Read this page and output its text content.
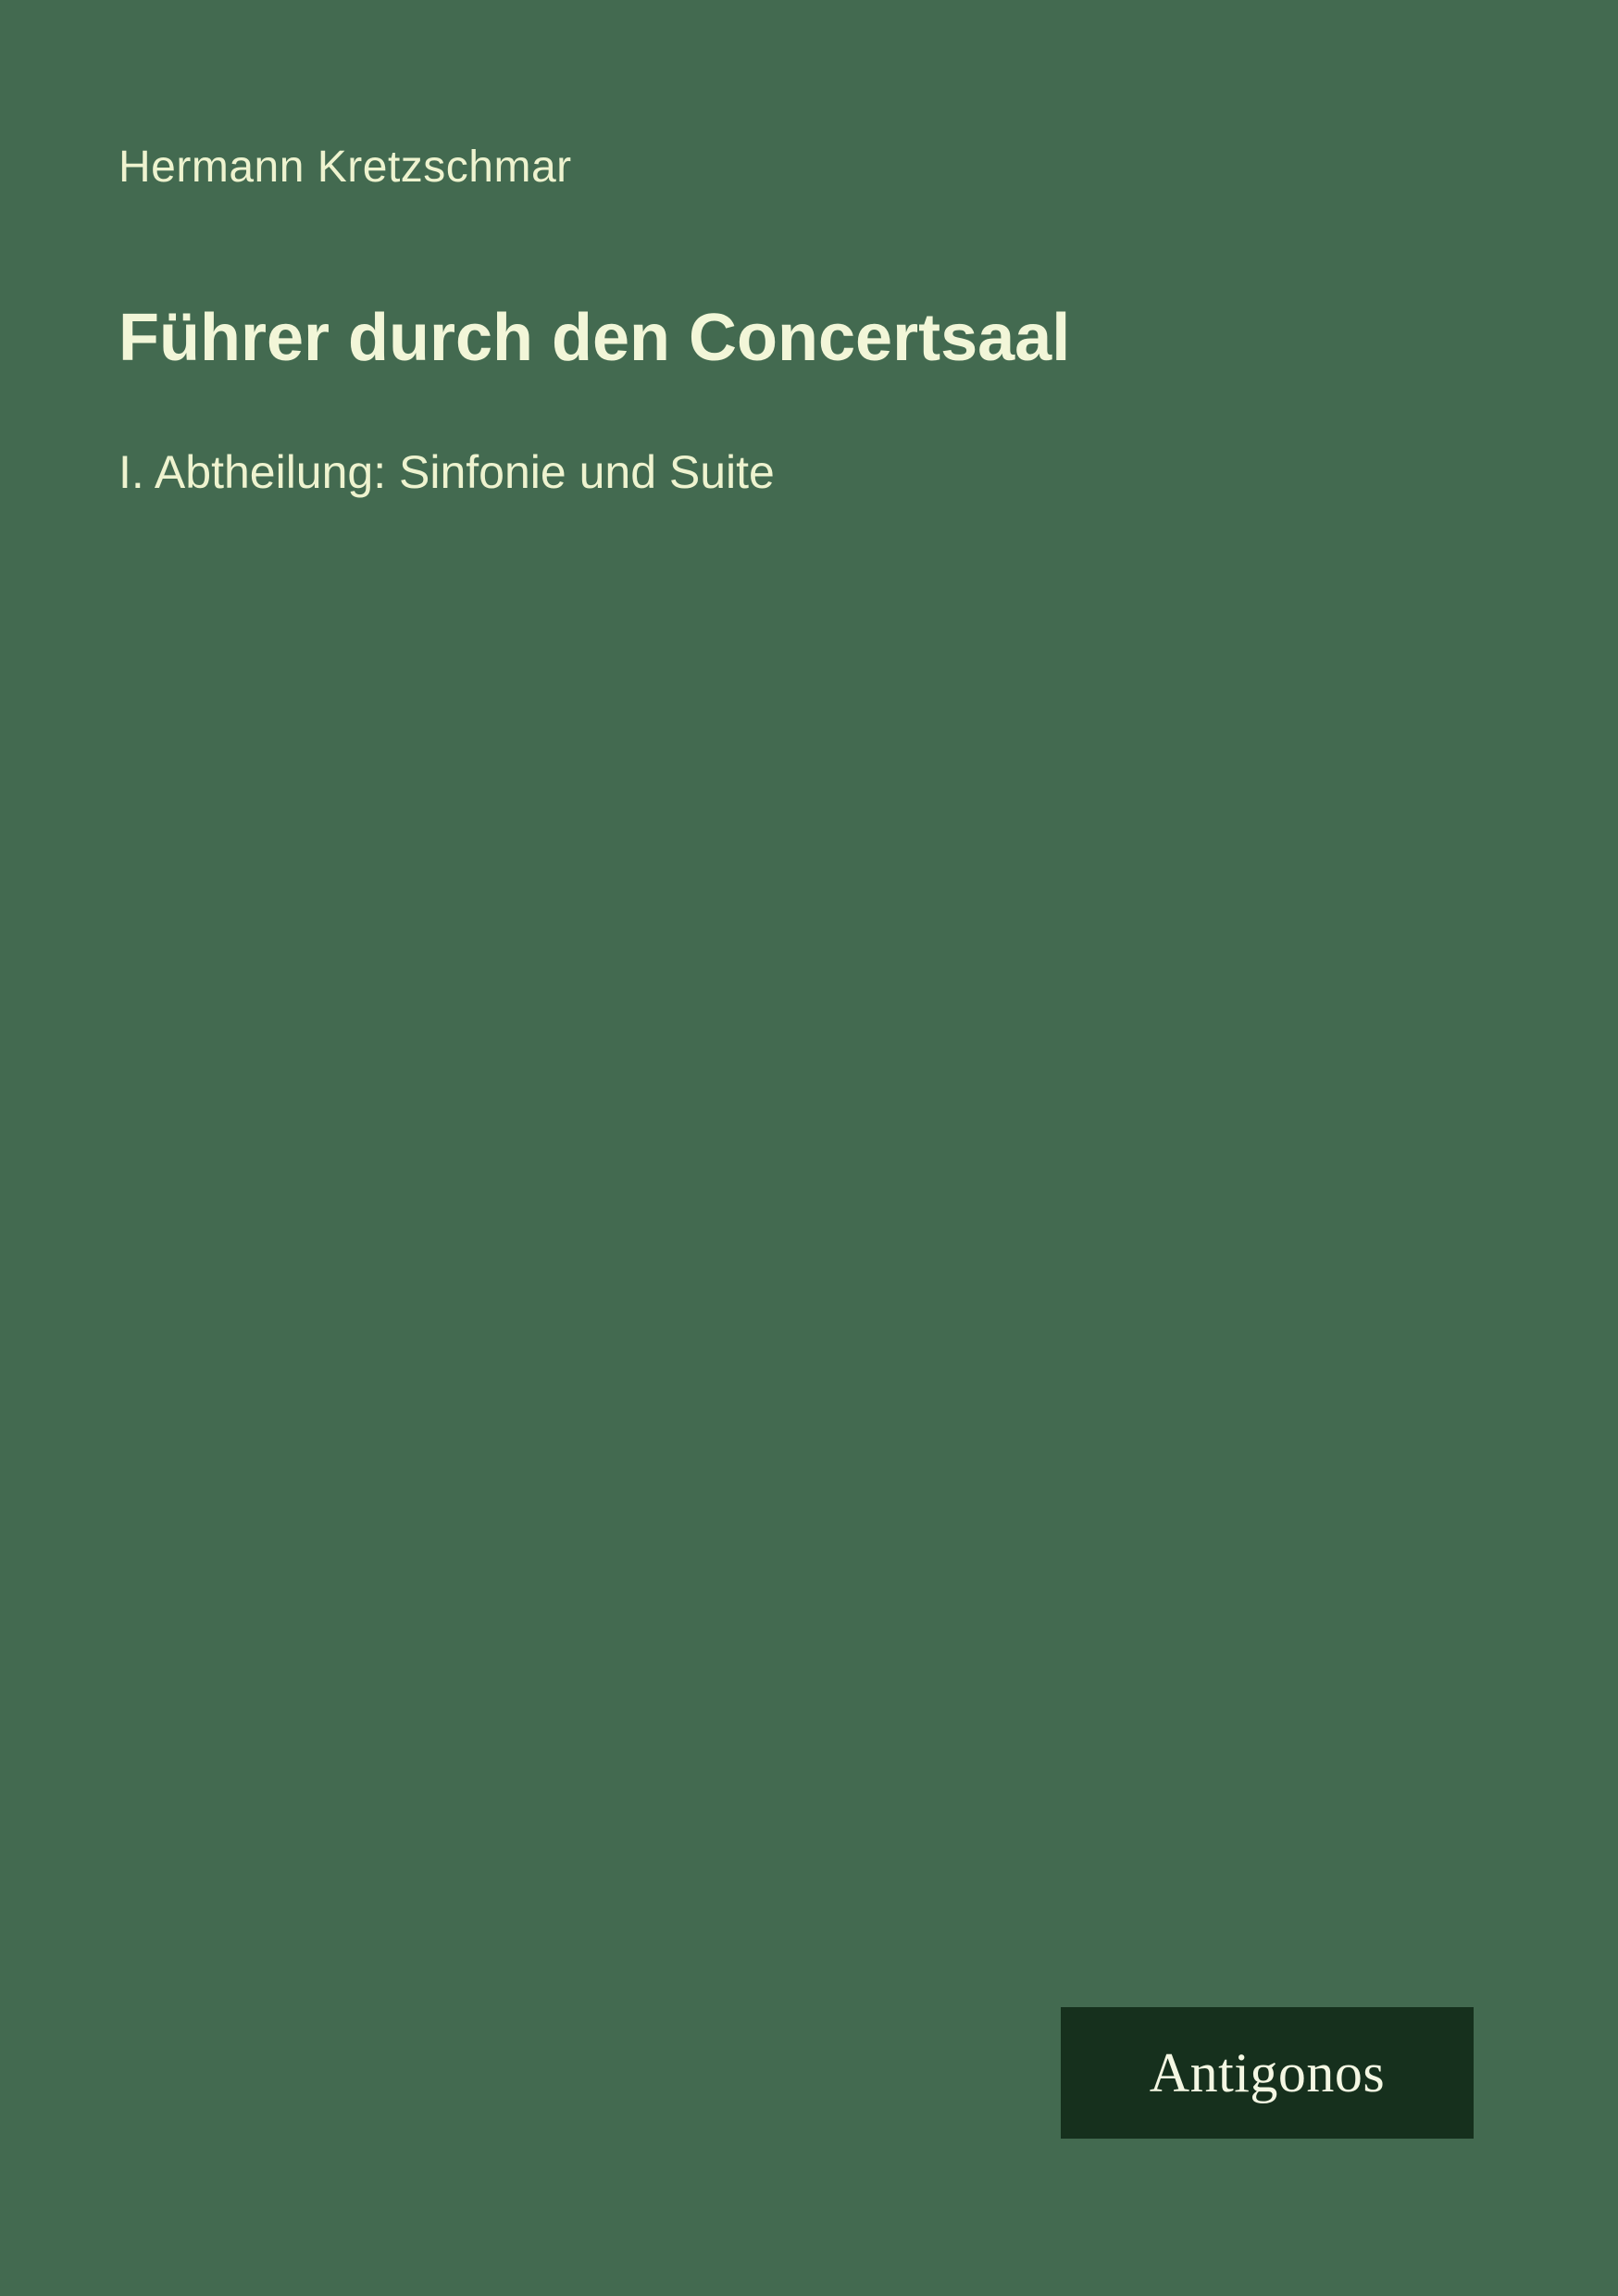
Hermann Kretzschmar
Führer durch den Concertsaal
I. Abtheilung: Sinfonie und Suite
Antigonos
